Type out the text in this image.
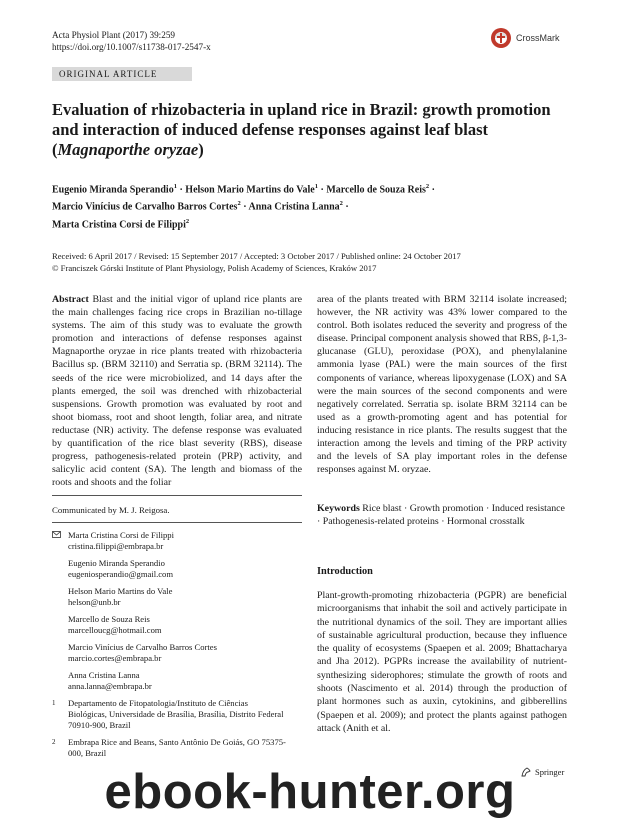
Acta Physiol Plant (2017) 39:259
https://doi.org/10.1007/s11738-017-2547-x
CrossMark
ORIGINAL ARTICLE
Evaluation of rhizobacteria in upland rice in Brazil: growth promotion and interaction of induced defense responses against leaf blast (Magnaporthe oryzae)
Eugenio Miranda Sperandio$^1$ · Helson Mario Martins do Vale$^1$ · Marcello de Souza Reis$^2$ ·
Marcio Vinícius de Carvalho Barros Cortes$^2$ · Anna Cristina Lanna$^2$ ·
Marta Cristina Corsi de Filippi$^2$
Received: 6 April 2017 / Revised: 15 September 2017 / Accepted: 3 October 2017 / Published online: 24 October 2017
© Franciszek Górski Institute of Plant Physiology, Polish Academy of Sciences, Kraków 2017
Abstract Blast and the initial vigor of upland rice plants are the main challenges facing rice crops in Brazilian no-tillage systems. The aim of this study was to evaluate the growth promotion and interactions of defense responses against Magnaporthe oryzae in rice plants treated with rhizobacteria Bacillus sp. (BRM 32110) and Serratia sp. (BRM 32114). The seeds of the rice were microbiolized, and 14 days after the plants emerged, the soil was drenched with rhizobacterial suspensions. Growth promotion was evaluated by root and shoot biomass, root and shoot length, foliar area, and nitrate reductase (NR) activity. The defense response was evaluated by quantification of the rice blast severity (RBS), disease progress, pathogenesis-related protein (PRP) activity, and salicylic acid content (SA). The length and biomass of the roots and shoots and the foliar
area of the plants treated with BRM 32114 isolate increased; however, the NR activity was 43% lower compared to the control. Both isolates reduced the severity and progress of the disease. Principal component analysis showed that RBS, β-1,3-glucanase (GLU), peroxidase (POX), and phenylalanine ammonia lyase (PAL) were the main sources of the first components of variance, whereas lipoxygenase (LOX) and SA were the main sources of the second components and were negatively correlated. Serratia sp. isolate BRM 32114 can be used as a growth-promoting agent and has potential for inducing resistance in rice plants. The results suggest that the interaction among the levels and timing of the PRP activity and the levels of SA play important roles in the defense responses against M. oryzae.
Keywords Rice blast · Growth promotion · Induced resistance · Pathogenesis-related proteins · Hormonal crosstalk
Communicated by M. J. Reigosa.
Marta Cristina Corsi de Filippi
cristina.filippi@embrapa.br
Eugenio Miranda Sperandio
eugeniosperandio@gmail.com
Helson Mario Martins do Vale
helson@unb.br
Marcello de Souza Reis
marcelloucg@hotmail.com
Marcio Vinícius de Carvalho Barros Cortes
marcio.cortes@embrapa.br
Anna Cristina Lanna
anna.lanna@embrapa.br
1	Departamento de Fitopatologia/Instituto de Ciências Biológicas, Universidade de Brasília, Brasília, Distrito Federal 70910-900, Brazil
2	Embrapa Rice and Beans, Santo Antônio De Goiás, GO 75375-000, Brazil
Introduction
Plant-growth-promoting rhizobacteria (PGPR) are beneficial microorganisms that inhabit the soil and actively participate in the nutritional dynamics of the soil. They are important allies of sustainable agricultural production, because they influence the quality of ecosystems (Spaepen et al. 2009; Bhattacharya and Jha 2012). PGPRs increase the availability of nutrient-synthesizing siderophores; stimulate the growth of roots and shoots (Nascimento et al. 2014) through the production of plant hormones such as auxin, cytokinins, and gibberellins (Spaepen et al. 2009); and protect the plants against pathogen attack (Anith et al.
Springer
ebook-hunter.org
